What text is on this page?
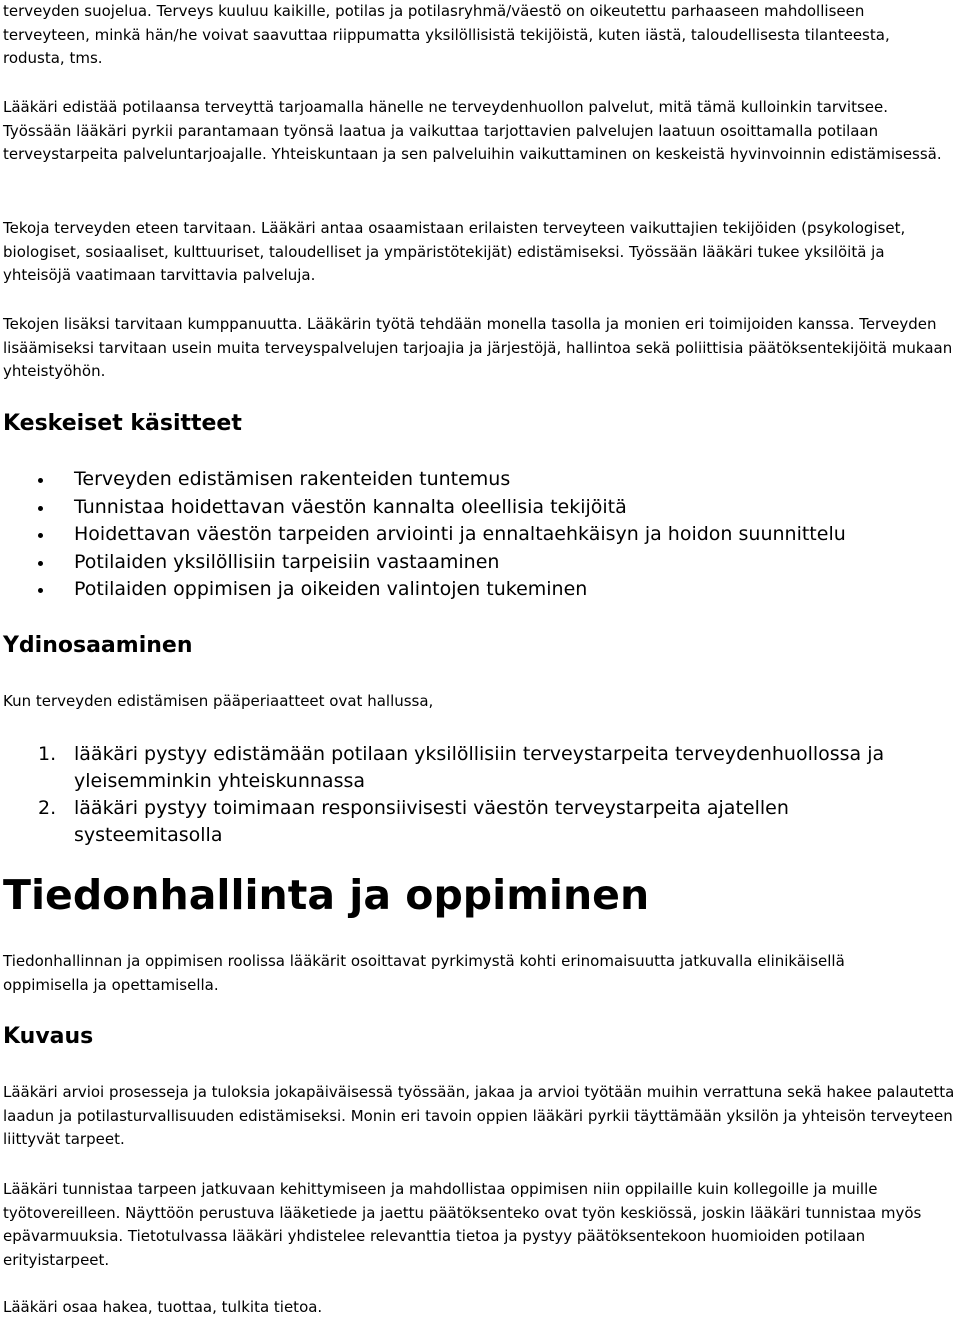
terveyden suojelua. Terveys kuuluu kaikille, potilas ja potilasryhmä/väestö on oikeutettu parhaaseen mahdolliseen terveyteen, minkä hän/he voivat saavuttaa riippumatta yksilöllisistä tekijöistä, kuten iästä, taloudellisesta tilanteesta, rodusta, tms.

Lääkäri edistää potilaansa terveyttä tarjoamalla hänelle ne terveydenhuollon palvelut, mitä tämä kulloinkin tarvitsee. Työssään lääkäri pyrkii parantamaan työnsä laatua ja vaikuttaa tarjottavien palvelujen laatuun osoittamalla potilaan terveystarpeita palveluntarjoajalle. Yhteiskuntaan ja sen palveluihin vaikuttaminen on keskeistä hyvinvoinnin edistämisessä.

Tekoja terveyden eteen tarvitaan. Lääkäri antaa osaamistaan erilaisten terveyteen vaikuttajien tekijöiden (psykologiset, biologiset, sosiaaliset, kulttuuriset, taloudelliset ja ympäristötekijät) edistämiseksi. Työssään lääkäri tukee yksilöitä ja yhteisöjä vaatimaan tarvittavia palveluja.

Tekojen lisäksi tarvitaan kumppanuutta. Lääkärin työtä tehdään monella tasolla ja monien eri toimijoiden kanssa. Terveyden lisäämiseksi tarvitaan usein muita terveyspalvelujen tarjoajia ja järjestöjä, hallintoa sekä poliittisia päätöksentekijöitä mukaan yhteistyöhön.

Keskeiset käsitteet
Terveyden edistämisen rakenteiden tuntemus
Tunnistaa hoidettavan väestön kannalta oleellisia tekijöitä
Hoidettavan väestön tarpeiden arviointi ja ennaltaehkäisyn ja hoidon suunnittelu
Potilaiden yksilöllisiin tarpeisiin vastaaminen
Potilaiden oppimisen ja oikeiden valintojen tukeminen
Ydinosaaminen

Kun terveyden edistämisen pääperiaatteet ovat hallussa,

1. lääkäri pystyy edistämään potilaan yksilöllisiin terveystarpeita terveydenhuollossa ja yleisemminkin yhteiskunnassa
2. lääkäri pystyy toimimaan responsiivisesti väestön terveystarpeita ajatellen systeemitasolla
Tiedonhallinta ja oppiminen

Tiedonhallinnan ja oppimisen roolissa lääkärit osoittavat pyrkimystä kohti erinomaisuutta jatkuvalla elinikäisellä oppimisella ja opettamisella.

Kuvaus

Lääkäri arvioi prosesseja ja tuloksia jokapäiväisessä työssään, jakaa ja arvioi työtään muihin verrattuna sekä hakee palautetta laadun ja potilasturvallisuuden edistämiseksi. Monin eri tavoin oppien lääkäri pyrkii täyttämään yksilön ja yhteisön terveyteen liittyvät tarpeet.

Lääkäri tunnistaa tarpeen jatkuvaan kehittymiseen ja mahdollistaa oppimisen niin oppilaille kuin kollegoille ja muille työtovereilleen. Näyttöön perustuva lääketiede ja jaettu päätöksenteko ovat työn keskiössä, joskin lääkäri tunnistaa myös epävarmuuksia. Tietotulvassa lääkäri yhdistelee relevanttia tietoa ja pystyy päätöksentekoon huomioiden potilaan erityistarpeet.

Lääkäri osaa hakea, tuottaa, tulkita tietoa.
